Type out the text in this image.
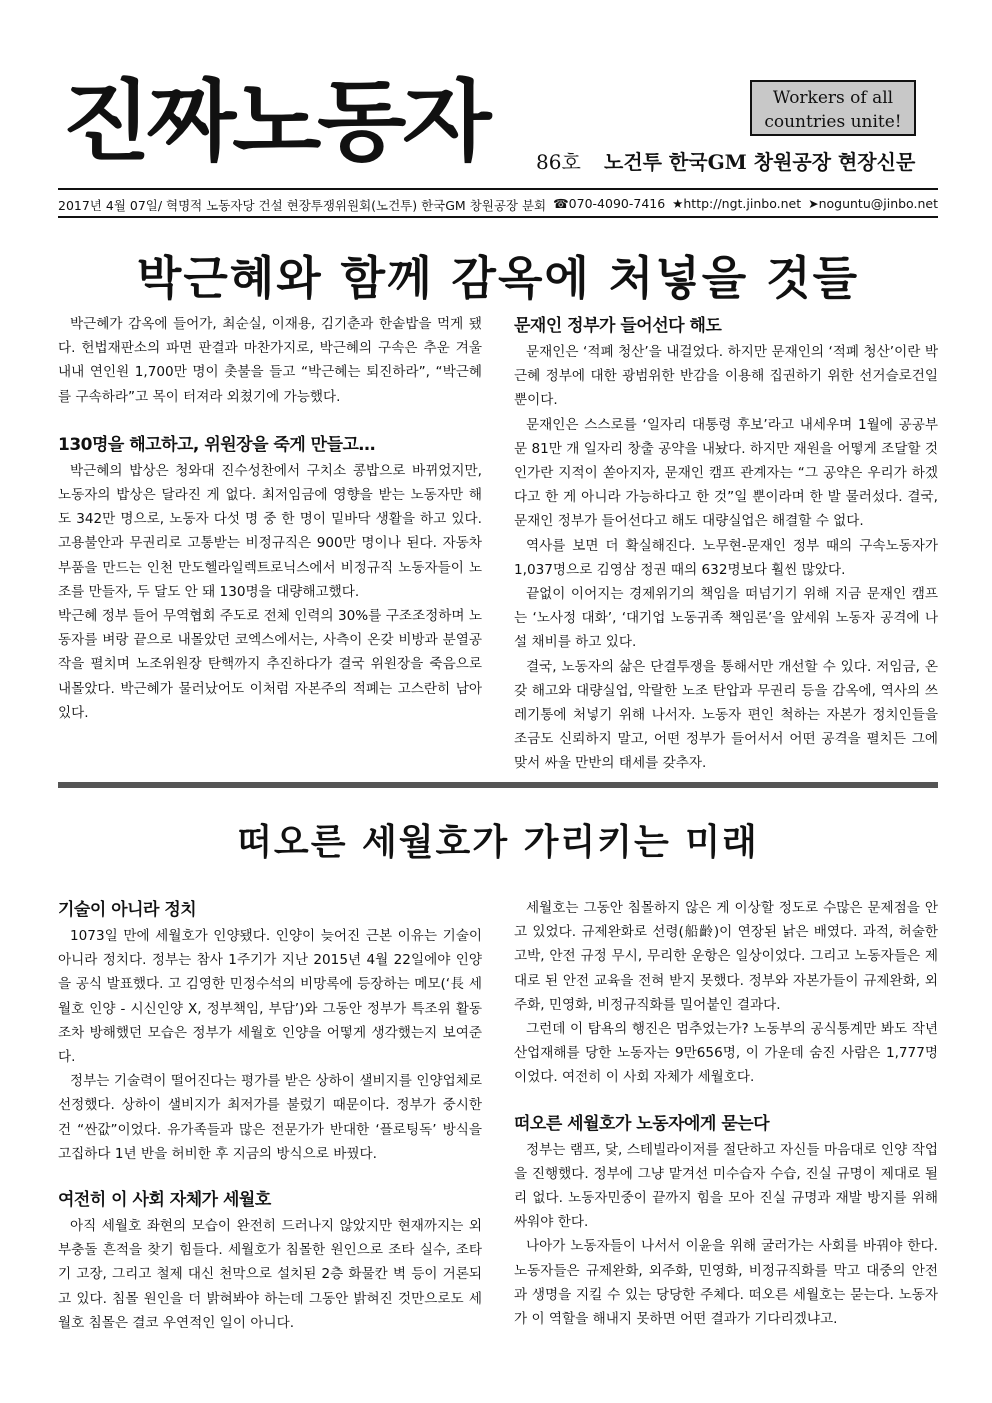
진짜노동자	Workers of all
countries unite!
86호 노건투 한국GM 창원공장 현장신문
2017년 4월 07일/ 혁명적 노동자당 건설 현장투쟁위원회(노건투) 한국GM 창원공장 분회 ☎070-4090-7416 ★http://ngt.jinbo.net ➤noguntu@jinbo.net
박근혜와 함께 감옥에 처넣을 것들

박근혜가 감옥에 들어가, 최순실, 이재용, 김기춘과 한솥밥을 먹게 됐다. 헌법재판소의 파면 판결과 마찬가지로, 박근혜의 구속은 추운 겨울 내내 연인원 1,700만 명이 촛불을 들고 “박근혜는 퇴진하라”, “박근혜를 구속하라”고 목이 터져라 외쳤기에 가능했다.

130명을 해고하고, 위원장을 죽게 만들고…

박근혜의 밥상은 청와대 진수성찬에서 구치소 콩밥으로 바뀌었지만, 노동자의 밥상은 달라진 게 없다. 최저임금에 영향을 받는 노동자만 해도 342만 명으로, 노동자 다섯 명 중 한 명이 밑바닥 생활을 하고 있다. 고용불안과 무권리로 고통받는 비정규직은 900만 명이나 된다. 자동차 부품을 만드는 인천 만도헬라일렉트로닉스에서 비정규직 노동자들이 노조를 만들자, 두 달도 안 돼 130명을 대량해고했다.

박근혜 정부 들어 무역협회 주도로 전체 인력의 30%를 구조조정하며 노동자를 벼랑 끝으로 내몰았던 코엑스에서는, 사측이 온갖 비방과 분열공작을 펼치며 노조위원장 탄핵까지 추진하다가 결국 위원장을 죽음으로 내몰았다. 박근혜가 물러났어도 이처럼 자본주의 적폐는 고스란히 남아 있다.

문재인 정부가 들어선다 해도

문재인은 ‘적폐 청산’을 내걸었다. 하지만 문재인의 ‘적폐 청산’이란 박근혜 정부에 대한 광범위한 반감을 이용해 집권하기 위한 선거슬로건일 뿐이다.

문재인은 스스로를 ‘일자리 대통령 후보’라고 내세우며 1월에 공공부문 81만 개 일자리 창출 공약을 내놨다. 하지만 재원을 어떻게 조달할 것인가란 지적이 쏟아지자, 문재인 캠프 관계자는 “그 공약은 우리가 하겠다고 한 게 아니라 가능하다고 한 것”일 뿐이라며 한 발 물러섰다. 결국, 문재인 정부가 들어선다고 해도 대량실업은 해결할 수 없다.

역사를 보면 더 확실해진다. 노무현-문재인 정부 때의 구속노동자가 1,037명으로 김영삼 정권 때의 632명보다 훨씬 많았다.

끝없이 이어지는 경제위기의 책임을 떠넘기기 위해 지금 문재인 캠프는 ‘노사정 대화’, ‘대기업 노동귀족 책임론’을 앞세워 노동자 공격에 나설 채비를 하고 있다.

결국, 노동자의 삶은 단결투쟁을 통해서만 개선할 수 있다. 저임금, 온갖 해고와 대량실업, 악랄한 노조 탄압과 무권리 등을 감옥에, 역사의 쓰레기통에 처넣기 위해 나서자. 노동자 편인 척하는 자본가 정치인들을 조금도 신뢰하지 말고, 어떤 정부가 들어서서 어떤 공격을 펼치든 그에 맞서 싸울 만반의 태세를 갖추자.

떠오른 세월호가 가리키는 미래
기술이 아니라 정치

1073일 만에 세월호가 인양됐다. 인양이 늦어진 근본 이유는 기술이 아니라 정치다. 정부는 참사 1주기가 지난 2015년 4월 22일에야 인양을 공식 발표했다. 고 김영한 민정수석의 비망록에 등장하는 메모(‘長 세월호 인양 - 시신인양 X, 정부책임, 부담’)와 그동안 정부가 특조위 활동조차 방해했던 모습은 정부가 세월호 인양을 어떻게 생각했는지 보여준다.

정부는 기술력이 떨어진다는 평가를 받은 상하이 샐비지를 인양업체로 선정했다. 상하이 샐비지가 최저가를 불렀기 때문이다. 정부가 중시한 건 “싼값”이었다. 유가족들과 많은 전문가가 반대한 ‘플로팅독’ 방식을 고집하다 1년 반을 허비한 후 지금의 방식으로 바꿨다.

여전히 이 사회 자체가 세월호

아직 세월호 좌현의 모습이 완전히 드러나지 않았지만 현재까지는 외부충돌 흔적을 찾기 힘들다. 세월호가 침몰한 원인으로 조타 실수, 조타기 고장, 그리고 철제 대신 천막으로 설치된 2층 화물칸 벽 등이 거론되고 있다. 침몰 원인을 더 밝혀봐야 하는데 그동안 밝혀진 것만으로도 세월호 침몰은 결코 우연적인 일이 아니다.

세월호는 그동안 침몰하지 않은 게 이상할 정도로 수많은 문제점을 안고 있었다. 규제완화로 선령(船齡)이 연장된 낡은 배였다. 과적, 허술한 고박, 안전 규정 무시, 무리한 운항은 일상이었다. 그리고 노동자들은 제대로 된 안전 교육을 전혀 받지 못했다. 정부와 자본가들이 규제완화, 외주화, 민영화, 비정규직화를 밀어붙인 결과다.

그런데 이 탐욕의 행진은 멈추었는가? 노동부의 공식통계만 봐도 작년 산업재해를 당한 노동자는 9만656명, 이 가운데 숨진 사람은 1,777명이었다. 여전히 이 사회 자체가 세월호다.

떠오른 세월호가 노동자에게 묻는다

정부는 램프, 닻, 스테빌라이저를 절단하고 자신들 마음대로 인양 작업을 진행했다. 정부에 그냥 맡겨선 미수습자 수습, 진실 규명이 제대로 될 리 없다. 노동자민중이 끝까지 힘을 모아 진실 규명과 재발 방지를 위해 싸워야 한다.

나아가 노동자들이 나서서 이윤을 위해 굴러가는 사회를 바꿔야 한다. 노동자들은 규제완화, 외주화, 민영화, 비정규직화를 막고 대중의 안전과 생명을 지킬 수 있는 당당한 주체다. 떠오른 세월호는 묻는다. 노동자가 이 역할을 해내지 못하면 어떤 결과가 기다리겠냐고.
